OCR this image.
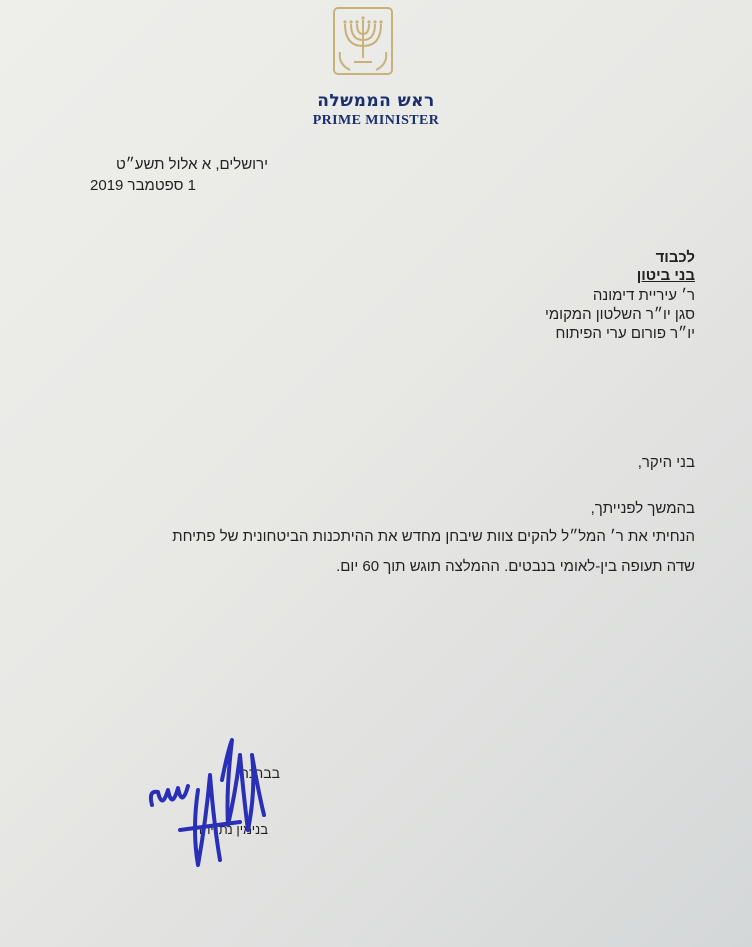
ראש הממשלה
PRIME MINISTER
ירושלים, א אלול תשע״ט
1 ספטמבר 2019
לכבוד
בני ביטון
ר׳ עיריית דימונה
סגן יו״ר השלטון המקומי
יו״ר פורום ערי הפיתוח
בני היקר,
בהמשך לפנייתך,
הנחיתי את ר׳ המל״ל להקים צוות שיבחן מחדש את ההיתכנות הביטחונית של פתיחת
שדה תעופה בין-לאומי בנבטים. ההמלצה תוגש תוך 60 יום.
בברכה,
בנימין נתניהו
